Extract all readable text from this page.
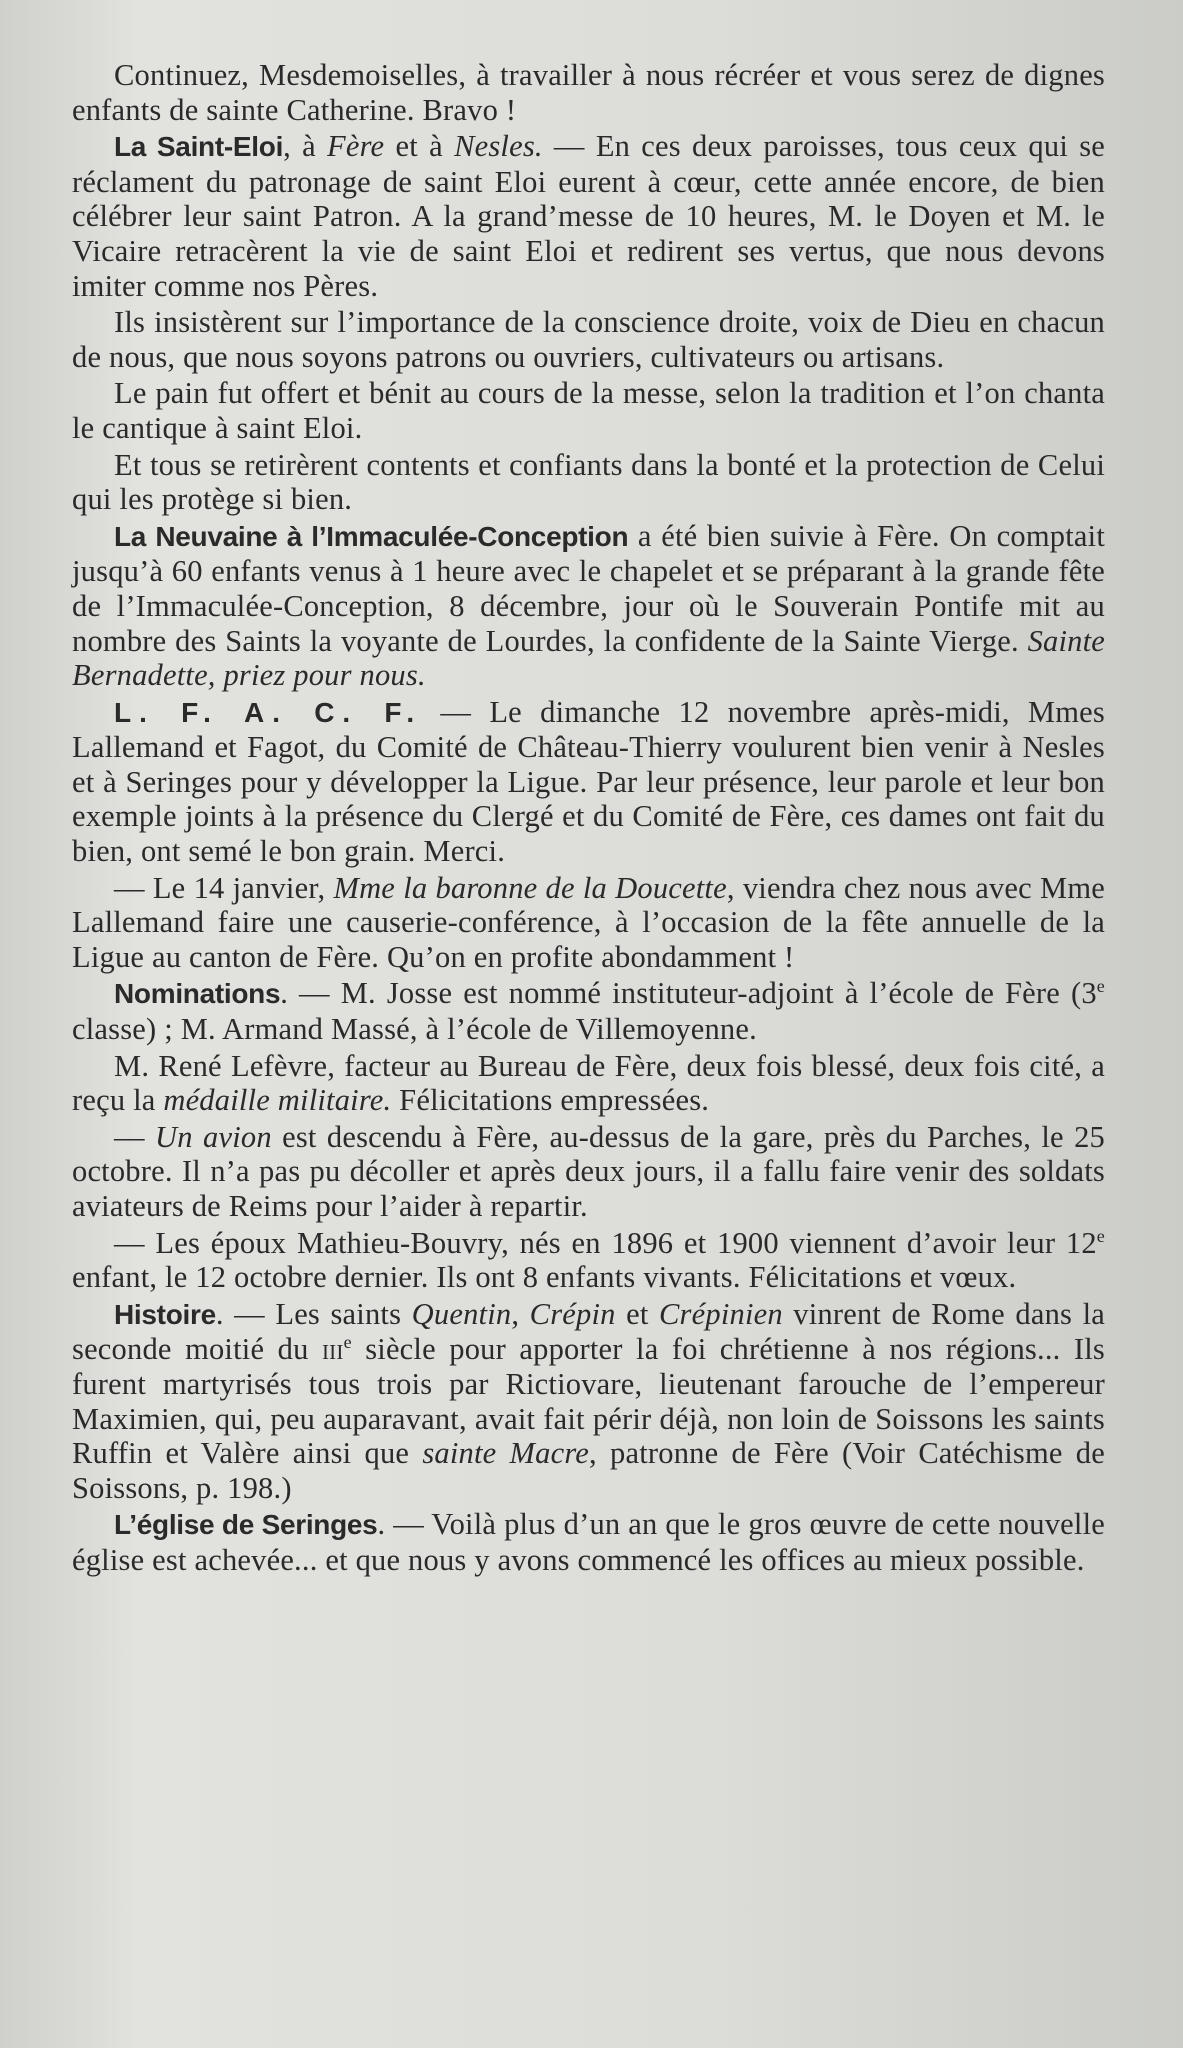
Continuez, Mesdemoiselles, à travailler à nous récréer et vous serez de dignes enfants de sainte Catherine. Bravo !

La Saint-Eloi, à Fère et à Nesles. — En ces deux paroisses, tous ceux qui se réclament du patronage de saint Eloi eurent à cœur, cette année encore, de bien célébrer leur saint Patron. A la grand’messe de 10 heures, M. le Doyen et M. le Vicaire retracèrent la vie de saint Eloi et redirent ses vertus, que nous devons imiter comme nos Pères.

Ils insistèrent sur l’importance de la conscience droite, voix de Dieu en chacun de nous, que nous soyons patrons ou ouvriers, cultivateurs ou artisans.

Le pain fut offert et bénit au cours de la messe, selon la tradition et l’on chanta le cantique à saint Eloi.

Et tous se retirèrent contents et confiants dans la bonté et la protection de Celui qui les protège si bien.

La Neuvaine à l’Immaculée-Conception a été bien suivie à Fère. On comptait jusqu’à 60 enfants venus à 1 heure avec le chapelet et se préparant à la grande fête de l’Immaculée-Conception, 8 décembre, jour où le Souverain Pontife mit au nombre des Saints la voyante de Lourdes, la confidente de la Sainte Vierge. Sainte Bernadette, priez pour nous.

L. F. A. C. F. — Le dimanche 12 novembre après-midi, Mmes Lallemand et Fagot, du Comité de Château-Thierry voulurent bien venir à Nesles et à Seringes pour y développer la Ligue. Par leur présence, leur parole et leur bon exemple joints à la présence du Clergé et du Comité de Fère, ces dames ont fait du bien, ont semé le bon grain. Merci.

— Le 14 janvier, Mme la baronne de la Doucette, viendra chez nous avec Mme Lallemand faire une causerie-conférence, à l’occasion de la fête annuelle de la Ligue au canton de Fère. Qu’on en profite abondamment !

Nominations. — M. Josse est nommé instituteur-adjoint à l’école de Fère (3e classe) ; M. Armand Massé, à l’école de Villemoyenne.

M. René Lefèvre, facteur au Bureau de Fère, deux fois blessé, deux fois cité, a reçu la médaille militaire. Félicitations empressées.

— Un avion est descendu à Fère, au-dessus de la gare, près du Parches, le 25 octobre. Il n’a pas pu décoller et après deux jours, il a fallu faire venir des soldats aviateurs de Reims pour l’aider à repartir.

— Les époux Mathieu-Bouvry, nés en 1896 et 1900 viennent d’avoir leur 12e enfant, le 12 octobre dernier. Ils ont 8 enfants vivants. Félicitations et vœux.

Histoire. — Les saints Quentin, Crépin et Crépinien vinrent de Rome dans la seconde moitié du iii$^e$ siècle pour apporter la foi chrétienne à nos régions... Ils furent martyrisés tous trois par Rictiovare, lieutenant farouche de l’empereur Maximien, qui, peu auparavant, avait fait périr déjà, non loin de Soissons les saints Ruffin et Valère ainsi que sainte Macre, patronne de Fère (Voir Catéchisme de Soissons, p. 198.)

L’église de Seringes. — Voilà plus d’un an que le gros œuvre de cette nouvelle église est achevée... et que nous y avons commencé les offices au mieux possible.
